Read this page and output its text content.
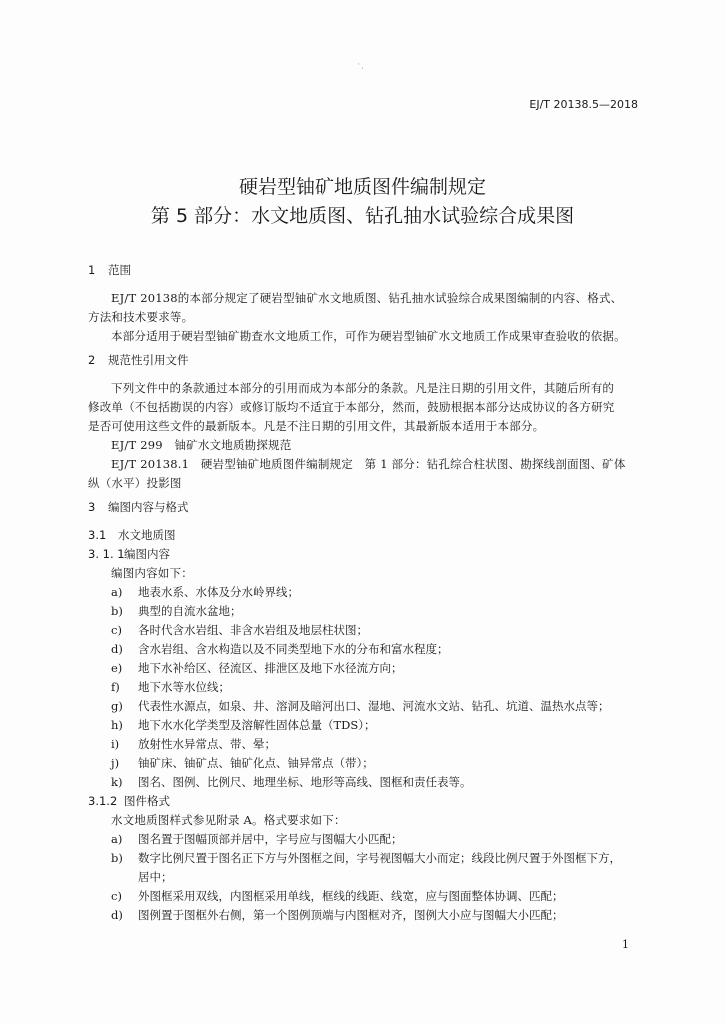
' ,
EJ/T 20138.5—2018
硬岩型铀矿地质图件编制规定
第 5 部分：水文地质图、钻孔抽水试验综合成果图
1 范围
EJ/T 20138的本部分规定了硬岩型铀矿水文地质图、钻孔抽水试验综合成果图编制的内容、格式、
方法和技术要求等。
本部分适用于硬岩型铀矿勘查水文地质工作，可作为硬岩型铀矿水文地质工作成果审查验收的依据。
2 规范性引用文件
下列文件中的条款通过本部分的引用而成为本部分的条款。凡是注日期的引用文件，其随后所有的
修改单（不包括勘误的内容）或修订版均不适宜于本部分，然而，鼓励根据本部分达成协议的各方研究
是否可使用这些文件的最新版本。凡是不注日期的引用文件，其最新版本适用于本部分。
EJ/T 299　铀矿水文地质勘探规范
EJ/T 20138.1　硬岩型铀矿地质图件编制规定　第 1 部分：钻孔综合柱状图、勘探线剖面图、矿体
纵（水平）投影图
3 编图内容与格式
3.1 水文地质图
3. 1. 1编图内容
编图内容如下：
a) 地表水系、水体及分水岭界线；
b) 典型的自流水盆地；
c) 各时代含水岩组、非含水岩组及地层柱状图；
d) 含水岩组、含水构造以及不同类型地下水的分布和富水程度；
e) 地下水补给区、径流区、排泄区及地下水径流方向；
f) 地下水等水位线；
g) 代表性水源点，如泉、井、溶洞及暗河出口、湿地、河流水文站、钻孔、坑道、温热水点等；
h) 地下水水化学类型及溶解性固体总量（TDS）；
i) 放射性水异常点、带、晕；
j) 铀矿床、铀矿点、铀矿化点、铀异常点（带）；
k) 图名、图例、比例尺、地理坐标、地形等高线、图框和责任表等。
3.1.2 图件格式
水文地质图样式参见附录 A。格式要求如下：
a) 图名置于图幅顶部并居中，字号应与图幅大小匹配；
b) 数字比例尺置于图名正下方与外图框之间，字号视图幅大小而定；线段比例尺置于外图框下方，
居中；
c) 外图框采用双线，内图框采用单线，框线的线距、线宽，应与图面整体协调、匹配；
d) 图例置于图框外右侧，第一个图例顶端与内图框对齐，图例大小应与图幅大小匹配；
1
